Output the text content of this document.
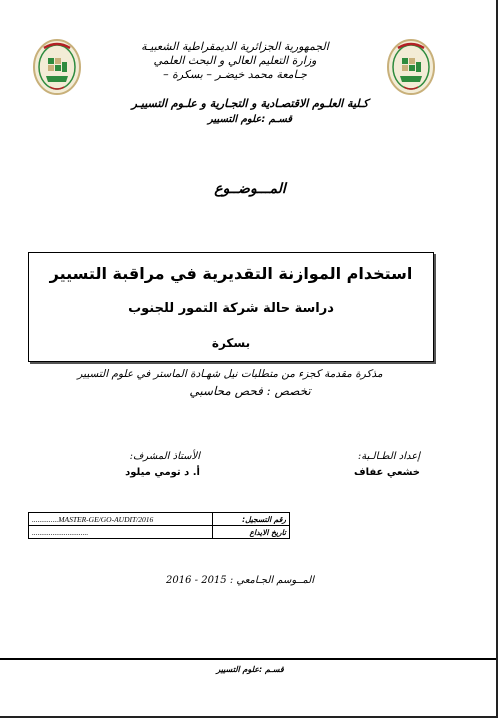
الجمهورية الجزائرية الديمقراطية الشعبيـة
وزارة التعليم العالي و البحث العلمي
جـامعة محمد خيضـر – بسكرة –
كـلية العلـوم الاقتصـادية و التجـارية و علـوم التسييـر
قسـم :علوم التسيير
المـــوضــوع
استخدام الموازنة التقديرية في مراقبة التسيير
دراسة حالة شركة التمور للجنوب
بسكرة
مذكرة مقدمة كجزء من متطلبات نيل شهـادة الماستر في علوم التسيير
تخصص : فحص محاسبي
إعداد الطـالـبة:
خشعي عفاف
الأستاذ المشرف:
أ. د تومي ميلود
رقم التسجيل:	..............MASTER-GE/GO-AUDIT/2016
تاريخ الايداع	..............................
المــوسم الجـامعي : 2015 - 2016
قسـم :علوم التسيير
